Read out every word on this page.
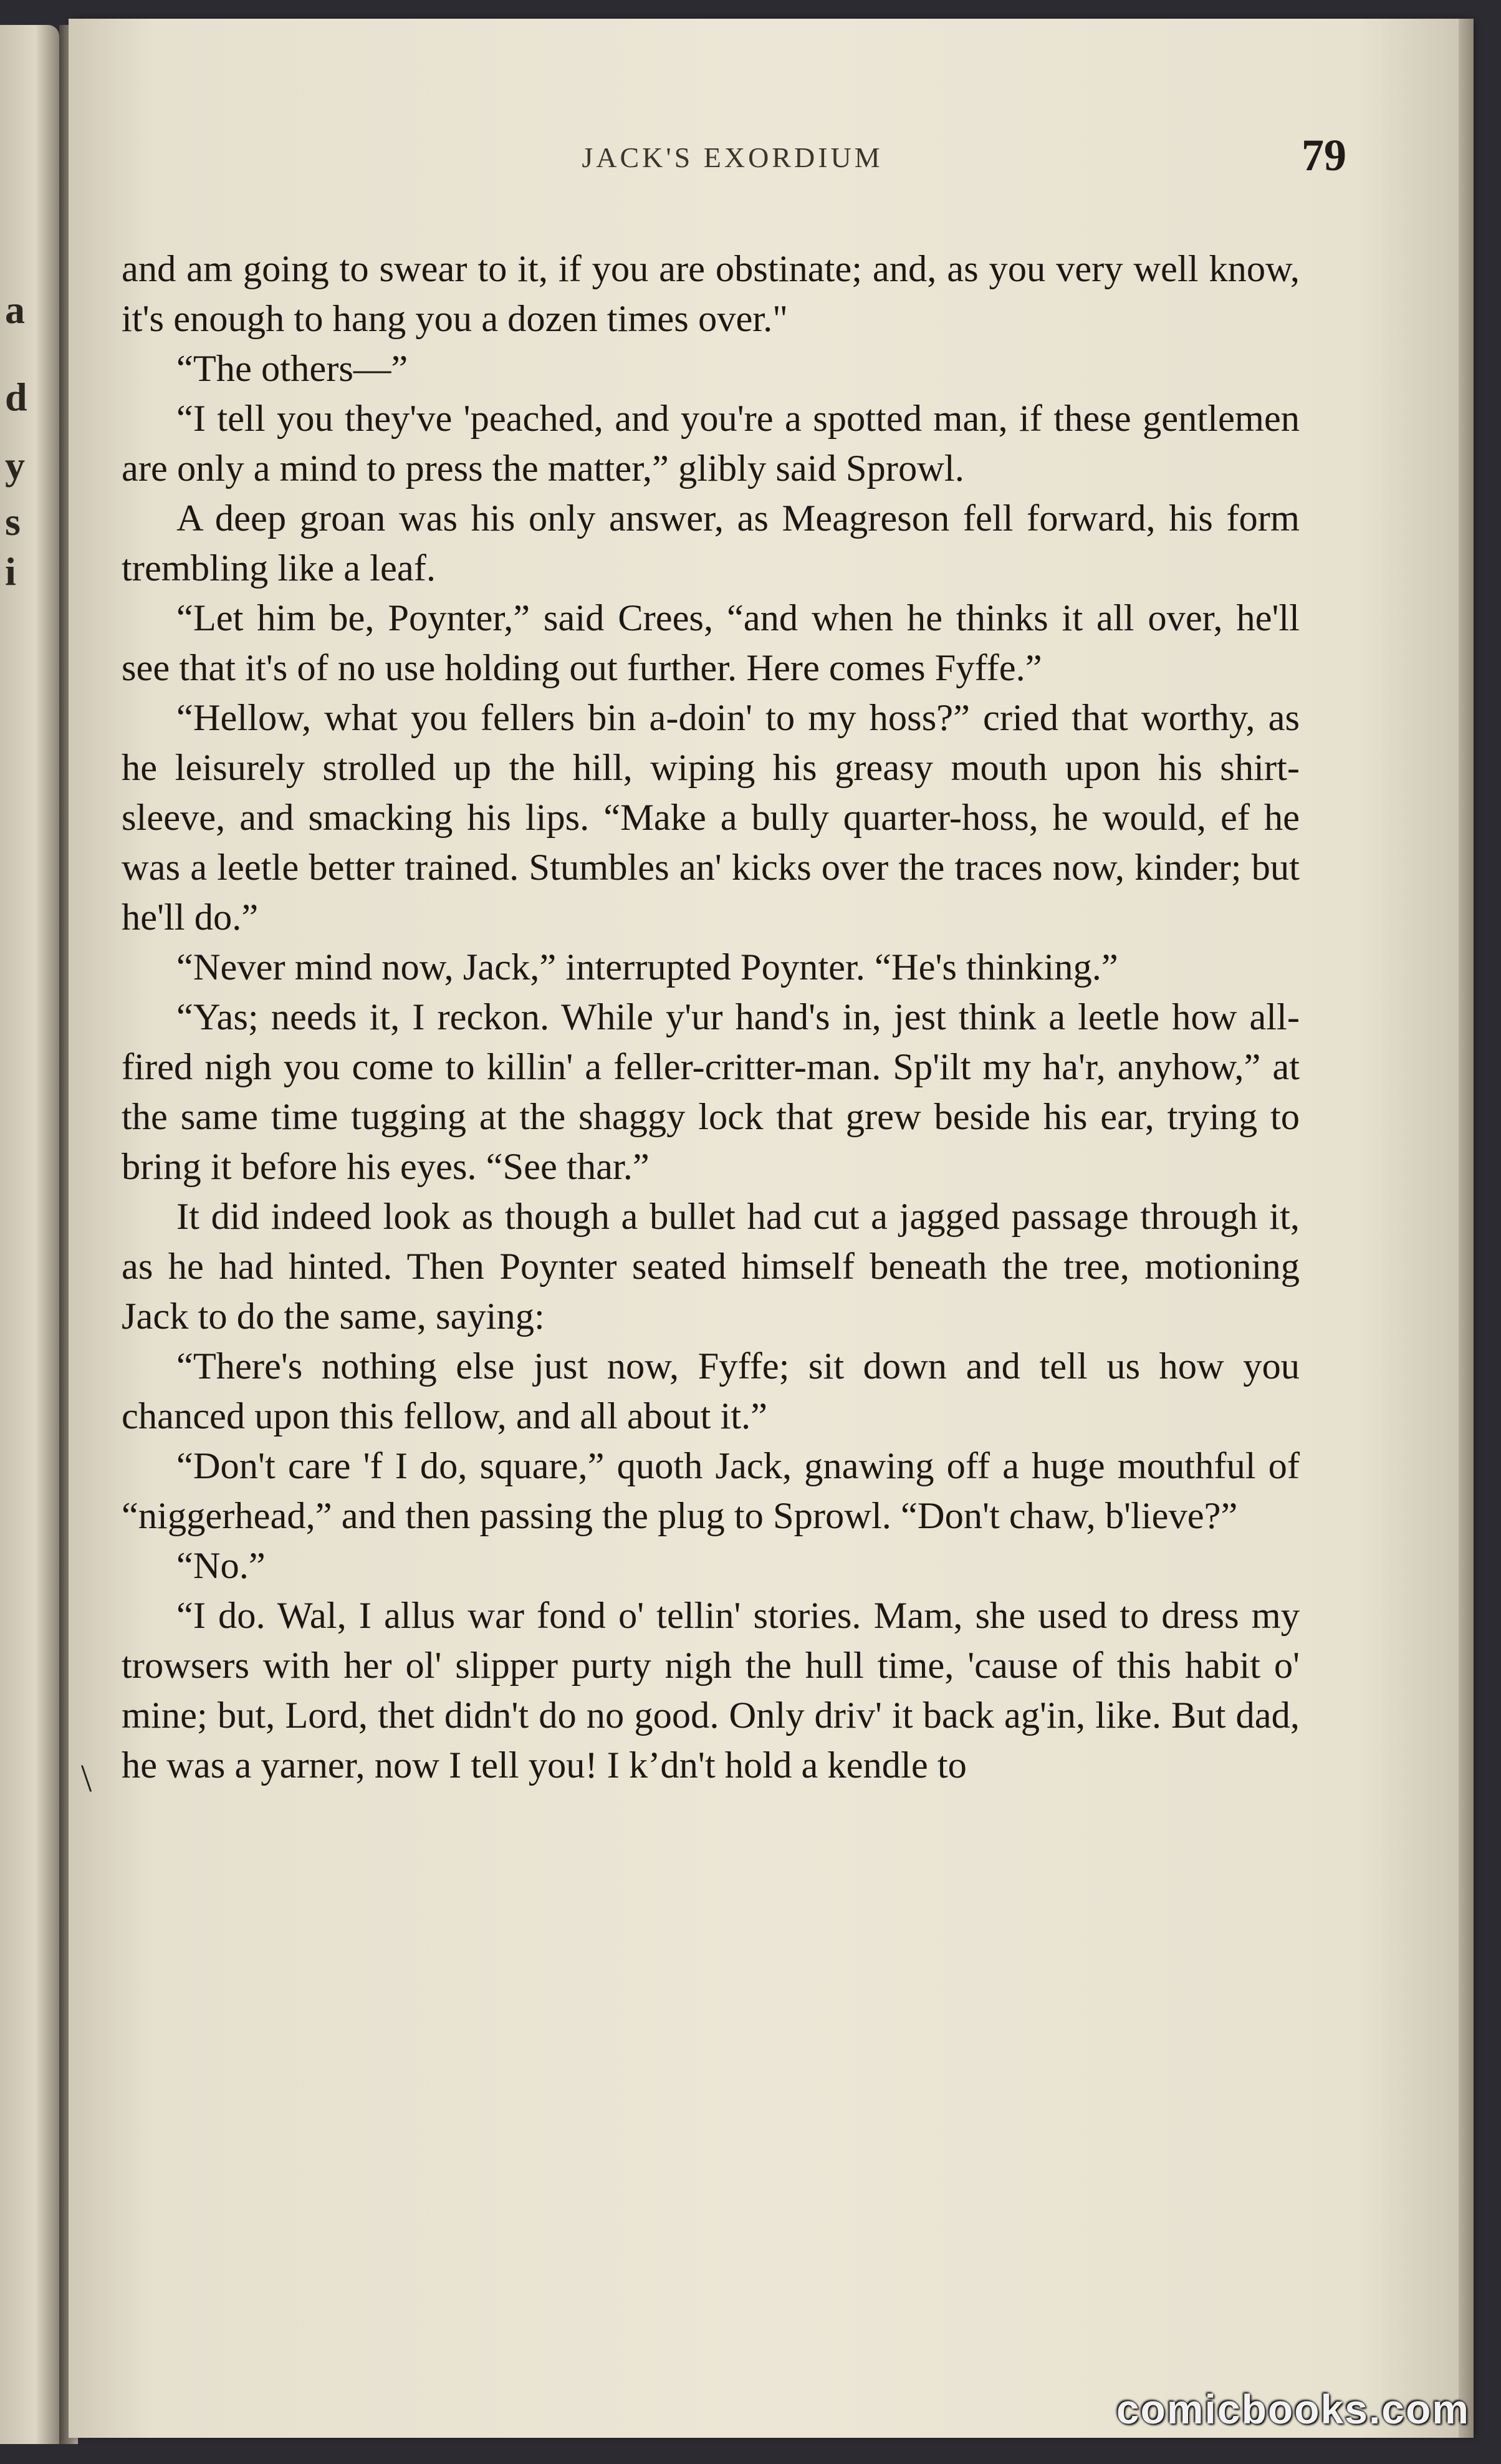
a
d
y
s
i
JACK'S EXORDIUM	79

and am going to swear to it, if you are obstinate; and, as you very well know, it's enough to hang you a dozen times over."

“The others—”

“I tell you they've 'peached, and you're a spotted man, if these gentlemen are only a mind to press the matter,” glibly said Sprowl.

A deep groan was his only answer, as Meagreson fell forward, his form trembling like a leaf.

“Let him be, Poynter,” said Crees, “and when he thinks it all over, he'll see that it's of no use holding out further. Here comes Fyffe.”

“Hellow, what you fellers bin a-doin' to my hoss?” cried that worthy, as he leisurely strolled up the hill, wiping his greasy mouth upon his shirt-sleeve, and smacking his lips. “Make a bully quarter-hoss, he would, ef he was a leetle better trained. Stumbles an' kicks over the traces now, kinder; but he'll do.”

“Never mind now, Jack,” interrupted Poynter. “He's thinking.”

“Yas; needs it, I reckon. While y'ur hand's in, jest think a leetle how all-fired nigh you come to killin' a feller-critter-man. Sp'ilt my ha'r, anyhow,” at the same time tugging at the shaggy lock that grew beside his ear, trying to bring it before his eyes. “See thar.”

It did indeed look as though a bullet had cut a jagged passage through it, as he had hinted. Then Poynter seated himself beneath the tree, motioning Jack to do the same, saying:

“There's nothing else just now, Fyffe; sit down and tell us how you chanced upon this fellow, and all about it.”

“Don't care 'f I do, square,” quoth Jack, gnawing off a huge mouthful of “niggerhead,” and then passing the plug to Sprowl. “Don't chaw, b'lieve?”

“No.”

“I do. Wal, I allus war fond o' tellin' stories. Mam, she used to dress my trowsers with her ol' slipper purty nigh the hull time, 'cause of this habit o' mine; but, Lord, thet didn't do no good. Only driv' it back ag'in, like. But dad, he was a yarner, now I tell you! I k’dn't hold a kendle to

\
comicbooks.com
